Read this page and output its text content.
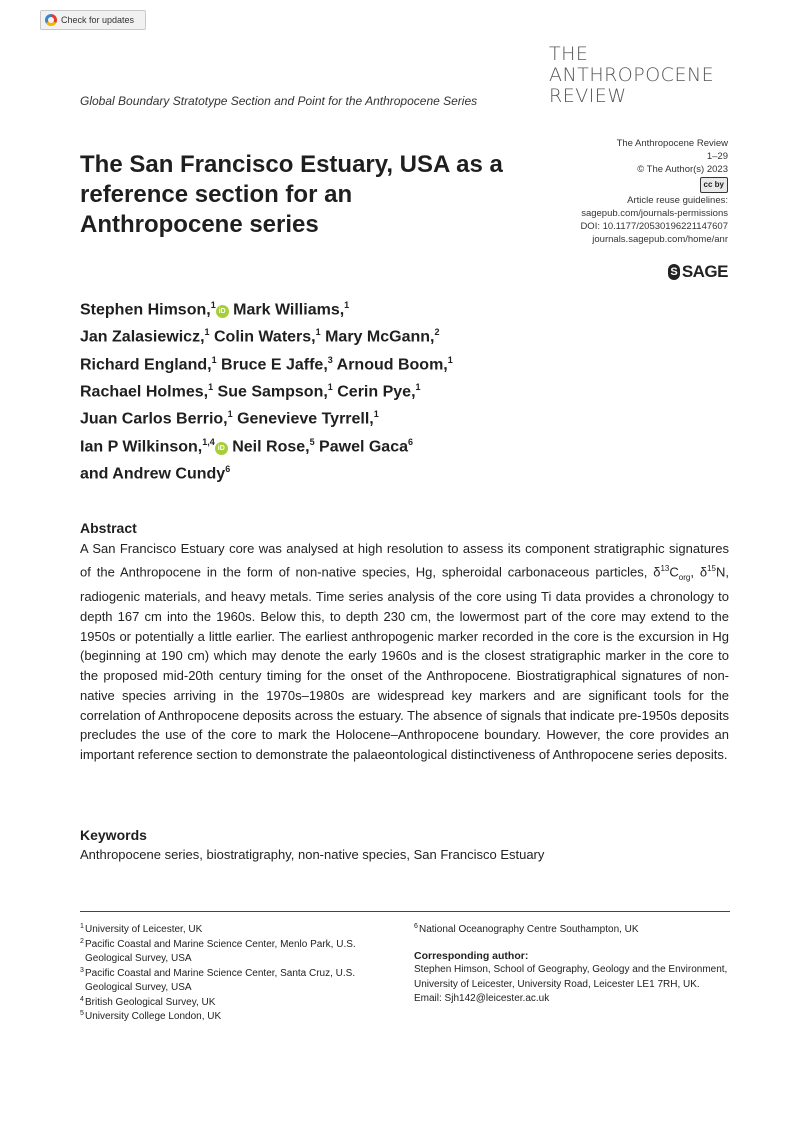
Check for updates
THE
ANTHROPOCENE
REVIEW
Global Boundary Stratotype Section and Point for the Anthropocene Series
The San Francisco Estuary, USA as a reference section for an Anthropocene series
The Anthropocene Review
1–29
© The Author(s) 2023
cc by
Article reuse guidelines:
sagepub.com/journals-permissions
DOI: 10.1177/20530196221147607
journals.sagepub.com/home/anr
S SAGE
Stephen Himson,$^1$iD Mark Williams,$^1$
Jan Zalasiewicz,$^1$ Colin Waters,$^1$ Mary McGann,$^2$
Richard England,$^1$ Bruce E Jaffe,$^3$ Arnoud Boom,$^1$
Rachael Holmes,$^1$ Sue Sampson,$^1$ Cerin Pye,$^1$
Juan Carlos Berrio,$^1$ Genevieve Tyrrell,$^1$
Ian P Wilkinson,$^{1,4}$iD Neil Rose,$^5$ Pawel Gaca$^6$
and Andrew Cundy$^6$
Abstract

A San Francisco Estuary core was analysed at high resolution to assess its component stratigraphic signatures of the Anthropocene in the form of non-native species, Hg, spheroidal carbonaceous particles, $\delta^{13}C_{org}$, $\delta^{15}N$, radiogenic materials, and heavy metals. Time series analysis of the core using Ti data provides a chronology to depth 167 cm into the 1960s. Below this, to depth 230 cm, the lowermost part of the core may extend to the 1950s or potentially a little earlier. The earliest anthropogenic marker recorded in the core is the excursion in Hg (beginning at 190 cm) which may denote the early 1960s and is the closest stratigraphic marker in the core to the proposed mid-20th century timing for the onset of the Anthropocene. Biostratigraphical signatures of non-native species arriving in the 1970s–1980s are widespread key markers and are significant tools for the correlation of Anthropocene deposits across the estuary. The absence of signals that indicate pre-1950s deposits precludes the use of the core to mark the Holocene–Anthropocene boundary. However, the core provides an important reference section to demonstrate the palaeontological distinctiveness of Anthropocene series deposits.

Keywords
Anthropocene series, biostratigraphy, non-native species, San Francisco Estuary
1 University of Leicester, UK
2 Pacific Coastal and Marine Science Center, Menlo Park, U.S. Geological Survey, USA
3 Pacific Coastal and Marine Science Center, Santa Cruz, U.S. Geological Survey, USA
4 British Geological Survey, UK
5 University College London, UK
6 National Oceanography Centre Southampton, UK
Corresponding author:
Stephen Himson, School of Geography, Geology and the Environment, University of Leicester, University Road, Leicester LE1 7RH, UK.
Email: Sjh142@leicester.ac.uk
